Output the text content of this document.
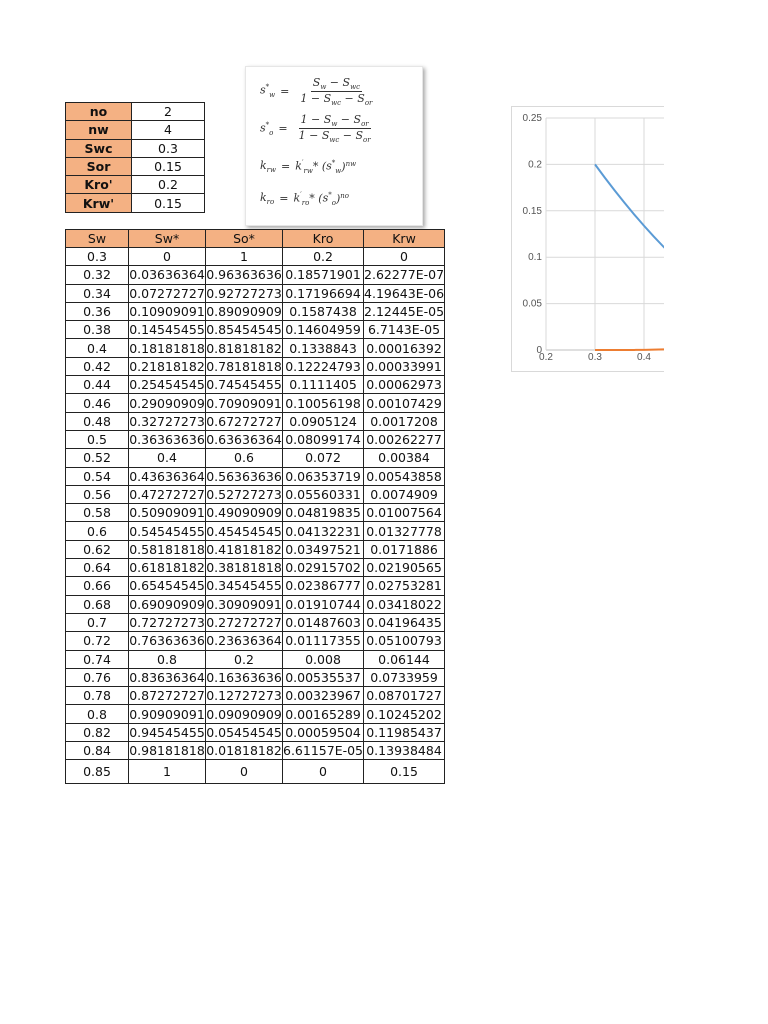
no	2
nw	4
Swc	0.3
Sor	0.15
Kro'	0.2
Krw'	0.15
$s^*_w = \frac{S_w - S_{wc}}{1 - S_{wc} - S_{or}}$
$s^*_o = \frac{1 - S_w - S_{or}}{1 - S_{wc} - S_{or}}$
$k_{rw} = k'_{rw}$ * ( $s^*_w$ )$^{nw}$
$k_{ro} = k'_{ro}$ * ( $s^*_o$ )$^{no}$
Sw	Sw*	So*	Kro	Krw
0.3	0	1	0.2	0
0.32	0.03636364	0.96363636	0.18571901	2.62277E-07
0.34	0.07272727	0.92727273	0.17196694	4.19643E-06
0.36	0.10909091	0.89090909	0.1587438	2.12445E-05
0.38	0.14545455	0.85454545	0.14604959	6.7143E-05
0.4	0.18181818	0.81818182	0.1338843	0.00016392
0.42	0.21818182	0.78181818	0.12224793	0.00033991
0.44	0.25454545	0.74545455	0.1111405	0.00062973
0.46	0.29090909	0.70909091	0.10056198	0.00107429
0.48	0.32727273	0.67272727	0.0905124	0.0017208
0.5	0.36363636	0.63636364	0.08099174	0.00262277
0.52	0.4	0.6	0.072	0.00384
0.54	0.43636364	0.56363636	0.06353719	0.00543858
0.56	0.47272727	0.52727273	0.05560331	0.0074909
0.58	0.50909091	0.49090909	0.04819835	0.01007564
0.6	0.54545455	0.45454545	0.04132231	0.01327778
0.62	0.58181818	0.41818182	0.03497521	0.0171886
0.64	0.61818182	0.38181818	0.02915702	0.02190565
0.66	0.65454545	0.34545455	0.02386777	0.02753281
0.68	0.69090909	0.30909091	0.01910744	0.03418022
0.7	0.72727273	0.27272727	0.01487603	0.04196435
0.72	0.76363636	0.23636364	0.01117355	0.05100793
0.74	0.8	0.2	0.008	0.06144
0.76	0.83636364	0.16363636	0.00535537	0.0733959
0.78	0.87272727	0.12727273	0.00323967	0.08701727
0.8	0.90909091	0.09090909	0.00165289	0.10245202
0.82	0.94545455	0.05454545	0.00059504	0.11985437
0.84	0.98181818	0.01818182	6.61157E-05	0.13938484
0.85	1	0	0	0.15
0
0.05
0.1
0.15
0.2
0.25
0.2	0.3	0.4
